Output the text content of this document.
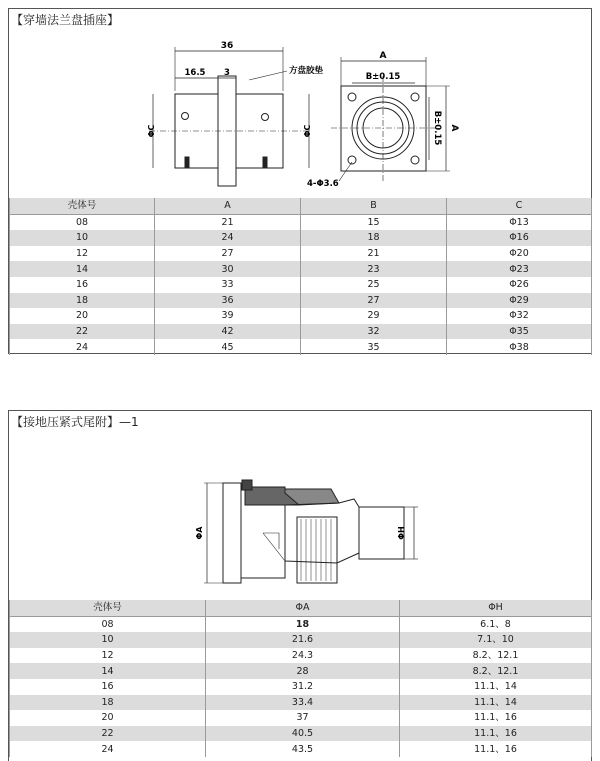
【穿墙法兰盘插座】
36
16.5 3	方盘胶垫
ΦC	ΦC
A
B±0.15
B±0.15 A
4-Φ3.6
壳体号	A	B	C
08	21	15	Φ13
10	24	18	Φ16
12	27	21	Φ20
14	30	23	Φ23
16	33	25	Φ26
18	36	27	Φ29
20	39	29	Φ32
22	42	32	Φ35
24	45	35	Φ38
【接地压紧式尾附】—1
ΦA	ΦH
壳体号	ΦA	ΦH
08	18	6.1、8
10	21.6	7.1、10
12	24.3	8.2、12.1
14	28	8.2、12.1
16	31.2	11.1、14
18	33.4	11.1、14
20	37	11.1、16
22	40.5	11.1、16
24	43.5	11.1、16
